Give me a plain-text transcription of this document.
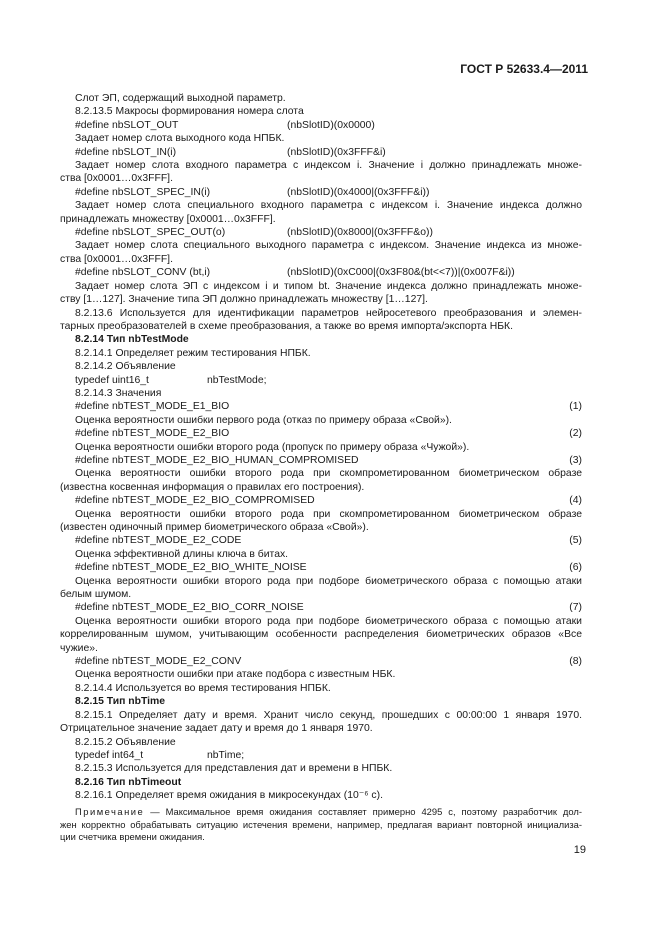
ГОСТ Р 52633.4—2011
Слот ЭП, содержащий выходной параметр.
8.2.13.5 Макросы формирования номера слота
#define nbSLOT_OUT	(nbSlotID)(0x0000)
Задает номер слота выходного кода НПБК.
#define nbSLOT_IN(i)	(nbSlotID)(0x3FFF&i)
Задает номер слота входного параметра с индексом i. Значение i должно принадлежать множе-
ства [0x0001…0x3FFF].
#define nbSLOT_SPEC_IN(i)	(nbSlotID)(0x4000|(0x3FFF&i))
Задает номер слота специального входного параметра с индексом i. Значение индекса должно
принадлежать множеству [0x0001…0x3FFF].
#define nbSLOT_SPEC_OUT(o)	(nbSlotID)(0x8000|(0x3FFF&o))
Задает номер слота специального выходного параметра с индексом. Значение индекса из множе-
ства [0x0001…0x3FFF].
#define nbSLOT_CONV (bt,i)	(nbSlotID)(0xC000|(0x3F80&(bt<<7))|(0x007F&i))
Задает номер слота ЭП с индексом i и типом bt. Значение индекса должно принадлежать множе-
ству [1…127]. Значение типа ЭП должно принадлежать множеству [1…127].
8.2.13.6 Используется для идентификации параметров нейросетевого преобразования и элемен-
тарных преобразователей в схеме преобразования, а также во время импорта/экспорта НБК.
8.2.14 Тип nbTestMode
8.2.14.1 Определяет режим тестирования НПБК.
8.2.14.2 Объявление
typedef uint16_t	nbTestMode;
8.2.14.3 Значения
#define nbTEST_MODE_E1_BIO	(1)
Оценка вероятности ошибки первого рода (отказ по примеру образа «Свой»).
#define nbTEST_MODE_E2_BIO	(2)
Оценка вероятности ошибки второго рода (пропуск по примеру образа «Чужой»).
#define nbTEST_MODE_E2_BIO_HUMAN_COMPROMISED	(3)
Оценка вероятности ошибки второго рода при скомпрометированном биометрическом образе
(известна косвенная информация о правилах его построения).
#define nbTEST_MODE_E2_BIO_COMPROMISED	(4)
Оценка вероятности ошибки второго рода при скомпрометированном биометрическом образе
(известен одиночный пример биометрического образа «Свой»).
#define nbTEST_MODE_E2_CODE	(5)
Оценка эффективной длины ключа в битах.
#define nbTEST_MODE_E2_BIO_WHITE_NOISE	(6)
Оценка вероятности ошибки второго рода при подборе биометрического образа с помощью атаки
белым шумом.
#define nbTEST_MODE_E2_BIO_CORR_NOISE	(7)
Оценка вероятности ошибки второго рода при подборе биометрического образа с помощью атаки
коррелированным шумом, учитывающим особенности распределения биометрических образов «Все
чужие».
#define nbTEST_MODE_E2_CONV	(8)
Оценка вероятности ошибки при атаке подбора с известным НБК.
8.2.14.4 Используется во время тестирования НПБК.
8.2.15 Тип nbTime
8.2.15.1 Определяет дату и время. Хранит число секунд, прошедших с 00:00:00 1 января 1970.
Отрицательное значение задает дату и время до 1 января 1970.
8.2.15.2 Объявление
typedef int64_t	nbTime;
8.2.15.3 Используется для представления дат и времени в НПБК.
8.2.16 Тип nbTimeout
8.2.16.1 Определяет время ожидания в микросекундах (10⁻⁶ с).
Примечание — Максимальное время ожидания составляет примерно 4295 с, поэтому разработчик дол-
жен корректно обрабатывать ситуацию истечения времени, например, предлагая вариант повторной инициализа-
ции счетчика времени ожидания.
19
